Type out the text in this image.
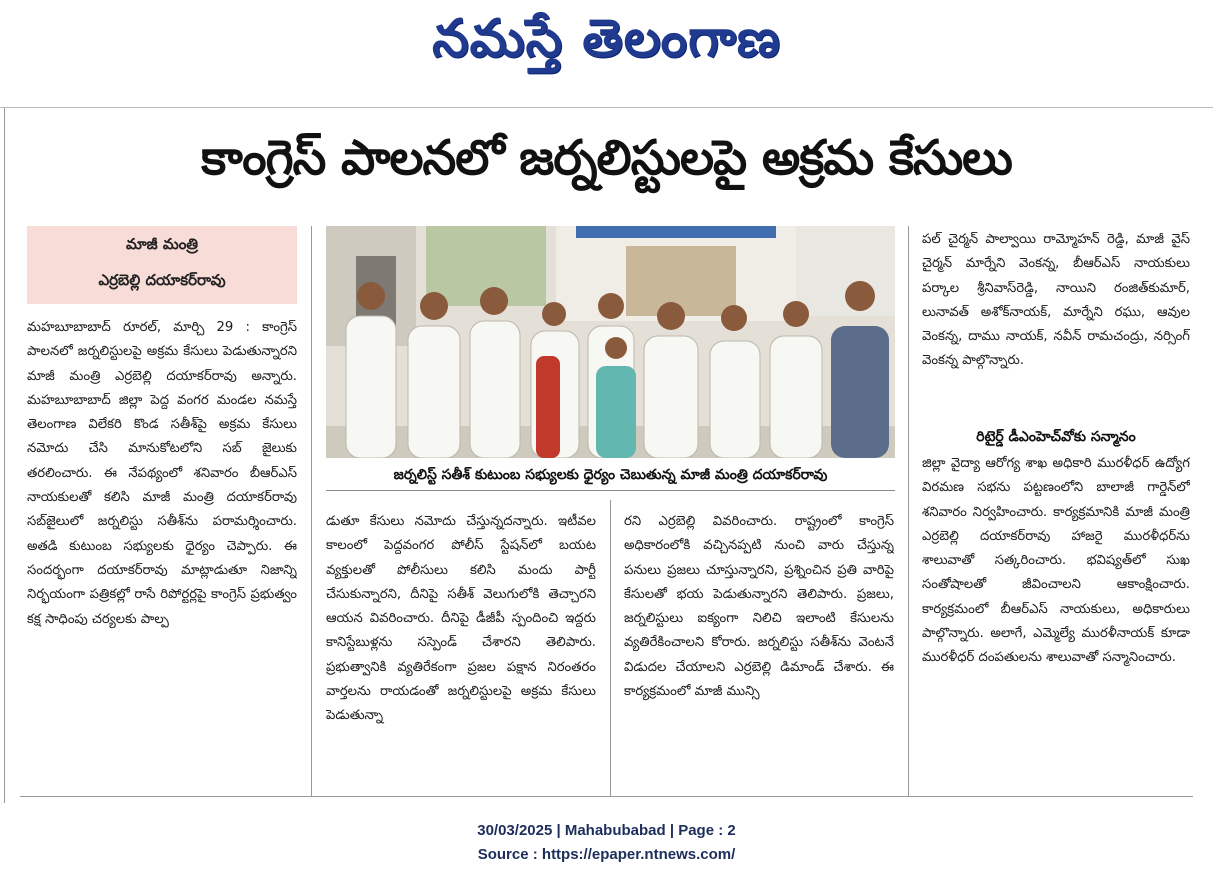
నమస్తే తెలంగాణ
కాంగ్రెస్ పాలనలో జర్నలిస్టులపై అక్రమ కేసులు
మాజీ మంత్రి
ఎర్రబెల్లి దయాకర్‌రావు

మహబూబాబాద్ రూరల్, మార్చి 29 : కాంగ్రెస్ పాలనలో జర్నలిస్టులపై అక్రమ కేసులు పెడుతున్నారని మాజీ మంత్రి ఎర్రబెల్లి దయాకర్‌రావు అన్నారు. మహబూబాబాద్ జిల్లా పెద్ద వంగర మండల నమస్తే తెలంగాణ విలేకరి కొండ సతీశ్‌పై అక్రమ కేసులు నమోదు చేసి మానుకోటలోని సబ్ జైలుకు తరలించారు. ఈ నేపథ్యంలో శనివారం బీఆర్‌ఎస్ నాయకులతో కలిసి మాజీ మంత్రి దయాకర్‌రావు సబ్‌జైలులో జర్నలిస్టు సతీశ్‌ను పరామర్శించారు. అతడి కుటుంబ సభ్యులకు ధైర్యం చెప్పారు. ఈ సందర్భంగా దయాకర్‌రావు మాట్లాడుతూ నిజాన్ని నిర్భయంగా పత్రికల్లో రాసే రిపోర్టర్లపై కాంగ్రెస్ ప్రభుత్వం కక్ష సాధింపు చర్యలకు పాల్ప

జర్నలిస్ట్ సతీశ్ కుటుంబ సభ్యులకు ధైర్యం చెబుతున్న మాజీ మంత్రి దయాకర్‌రావు

డుతూ కేసులు నమోదు చేస్తున్నదన్నారు. ఇటీవల కాలంలో పెద్దవంగర పోలీస్ స్టేషన్‌లో బయట వ్యక్తులతో పోలీసులు కలిసి మందు పార్టీ చేసుకున్నారని, దీనిపై సతీశ్ వెలుగులోకి తెచ్చారని ఆయన వివరించారు. దీనిపై డీజీపీ స్పందించి ఇద్దరు కానిస్టేబుళ్లను సస్పెండ్ చేశారని తెలిపారు. ప్రభుత్వానికి వ్యతిరేకంగా ప్రజల పక్షాన నిరంతరం వార్తలను రాయడంతో జర్నలిస్టులపై అక్రమ కేసులు పెడుతున్నా

రని ఎర్రబెల్లి వివరించారు. రాష్ట్రంలో కాంగ్రెస్ అధికారంలోకి వచ్చినప్పటి నుంచి వారు చేస్తున్న పనులు ప్రజలు చూస్తున్నారని, ప్రశ్నించిన ప్రతి వారిపై కేసులతో భయ పెడుతున్నారని తెలిపారు. ప్రజలు, జర్నలిస్టులు ఐక్యంగా నిలిచి ఇలాంటి కేసులను వ్యతిరేకించాలని కోరారు. జర్నలిస్టు సతీశ్‌ను వెంటనే విడుదల చేయాలని ఎర్రబెల్లి డిమాండ్ చేశారు. ఈ కార్యక్రమంలో మాజీ మున్సి

పల్ చైర్మన్ పాల్వాయి రామ్మోహన్ రెడ్డి, మాజీ వైస్ చైర్మన్ మార్నేని వెంకన్న, బీఆర్‌ఎస్ నాయకులు పర్కాల శ్రీనివాస్‌రెడ్డి, నాయిని రంజిత్‌కుమార్, లునావత్ అశోక్‌నాయక్, మార్నేని రఘు, ఆవుల వెంకన్న, దాము నాయక్, నవీన్ రామచంద్రు, నర్సింగ్ వెంకన్న పాల్గొన్నారు.

రిటైర్డ్ డీఎంహెచ్‌వోకు సన్మానం

జిల్లా వైద్యా ఆరోగ్య శాఖ అధికారి మురళీధర్ ఉద్యోగ విరమణ సభను పట్టణంలోని బాలాజీ గార్డెన్‌లో శనివారం నిర్వహించారు. కార్యక్రమానికి మాజీ మంత్రి ఎర్రబెల్లి దయాకర్‌రావు హాజరై మురళీధర్‌ను శాలువాతో సత్కరించారు. భవిష్యత్‌లో సుఖ సంతోషాలతో జీవించాలని ఆకాంక్షించారు. కార్యక్రమంలో బీఆర్‌ఎస్ నాయకులు, అధికారులు పాల్గొన్నారు. అలాగే, ఎమ్మెల్యే మురళీనాయక్ కూడా మురళీధర్ దంపతులను శాలువాతో సన్మానించారు.

30/03/2025 | Mahabubabad | Page : 2
Source : https://epaper.ntnews.com/
